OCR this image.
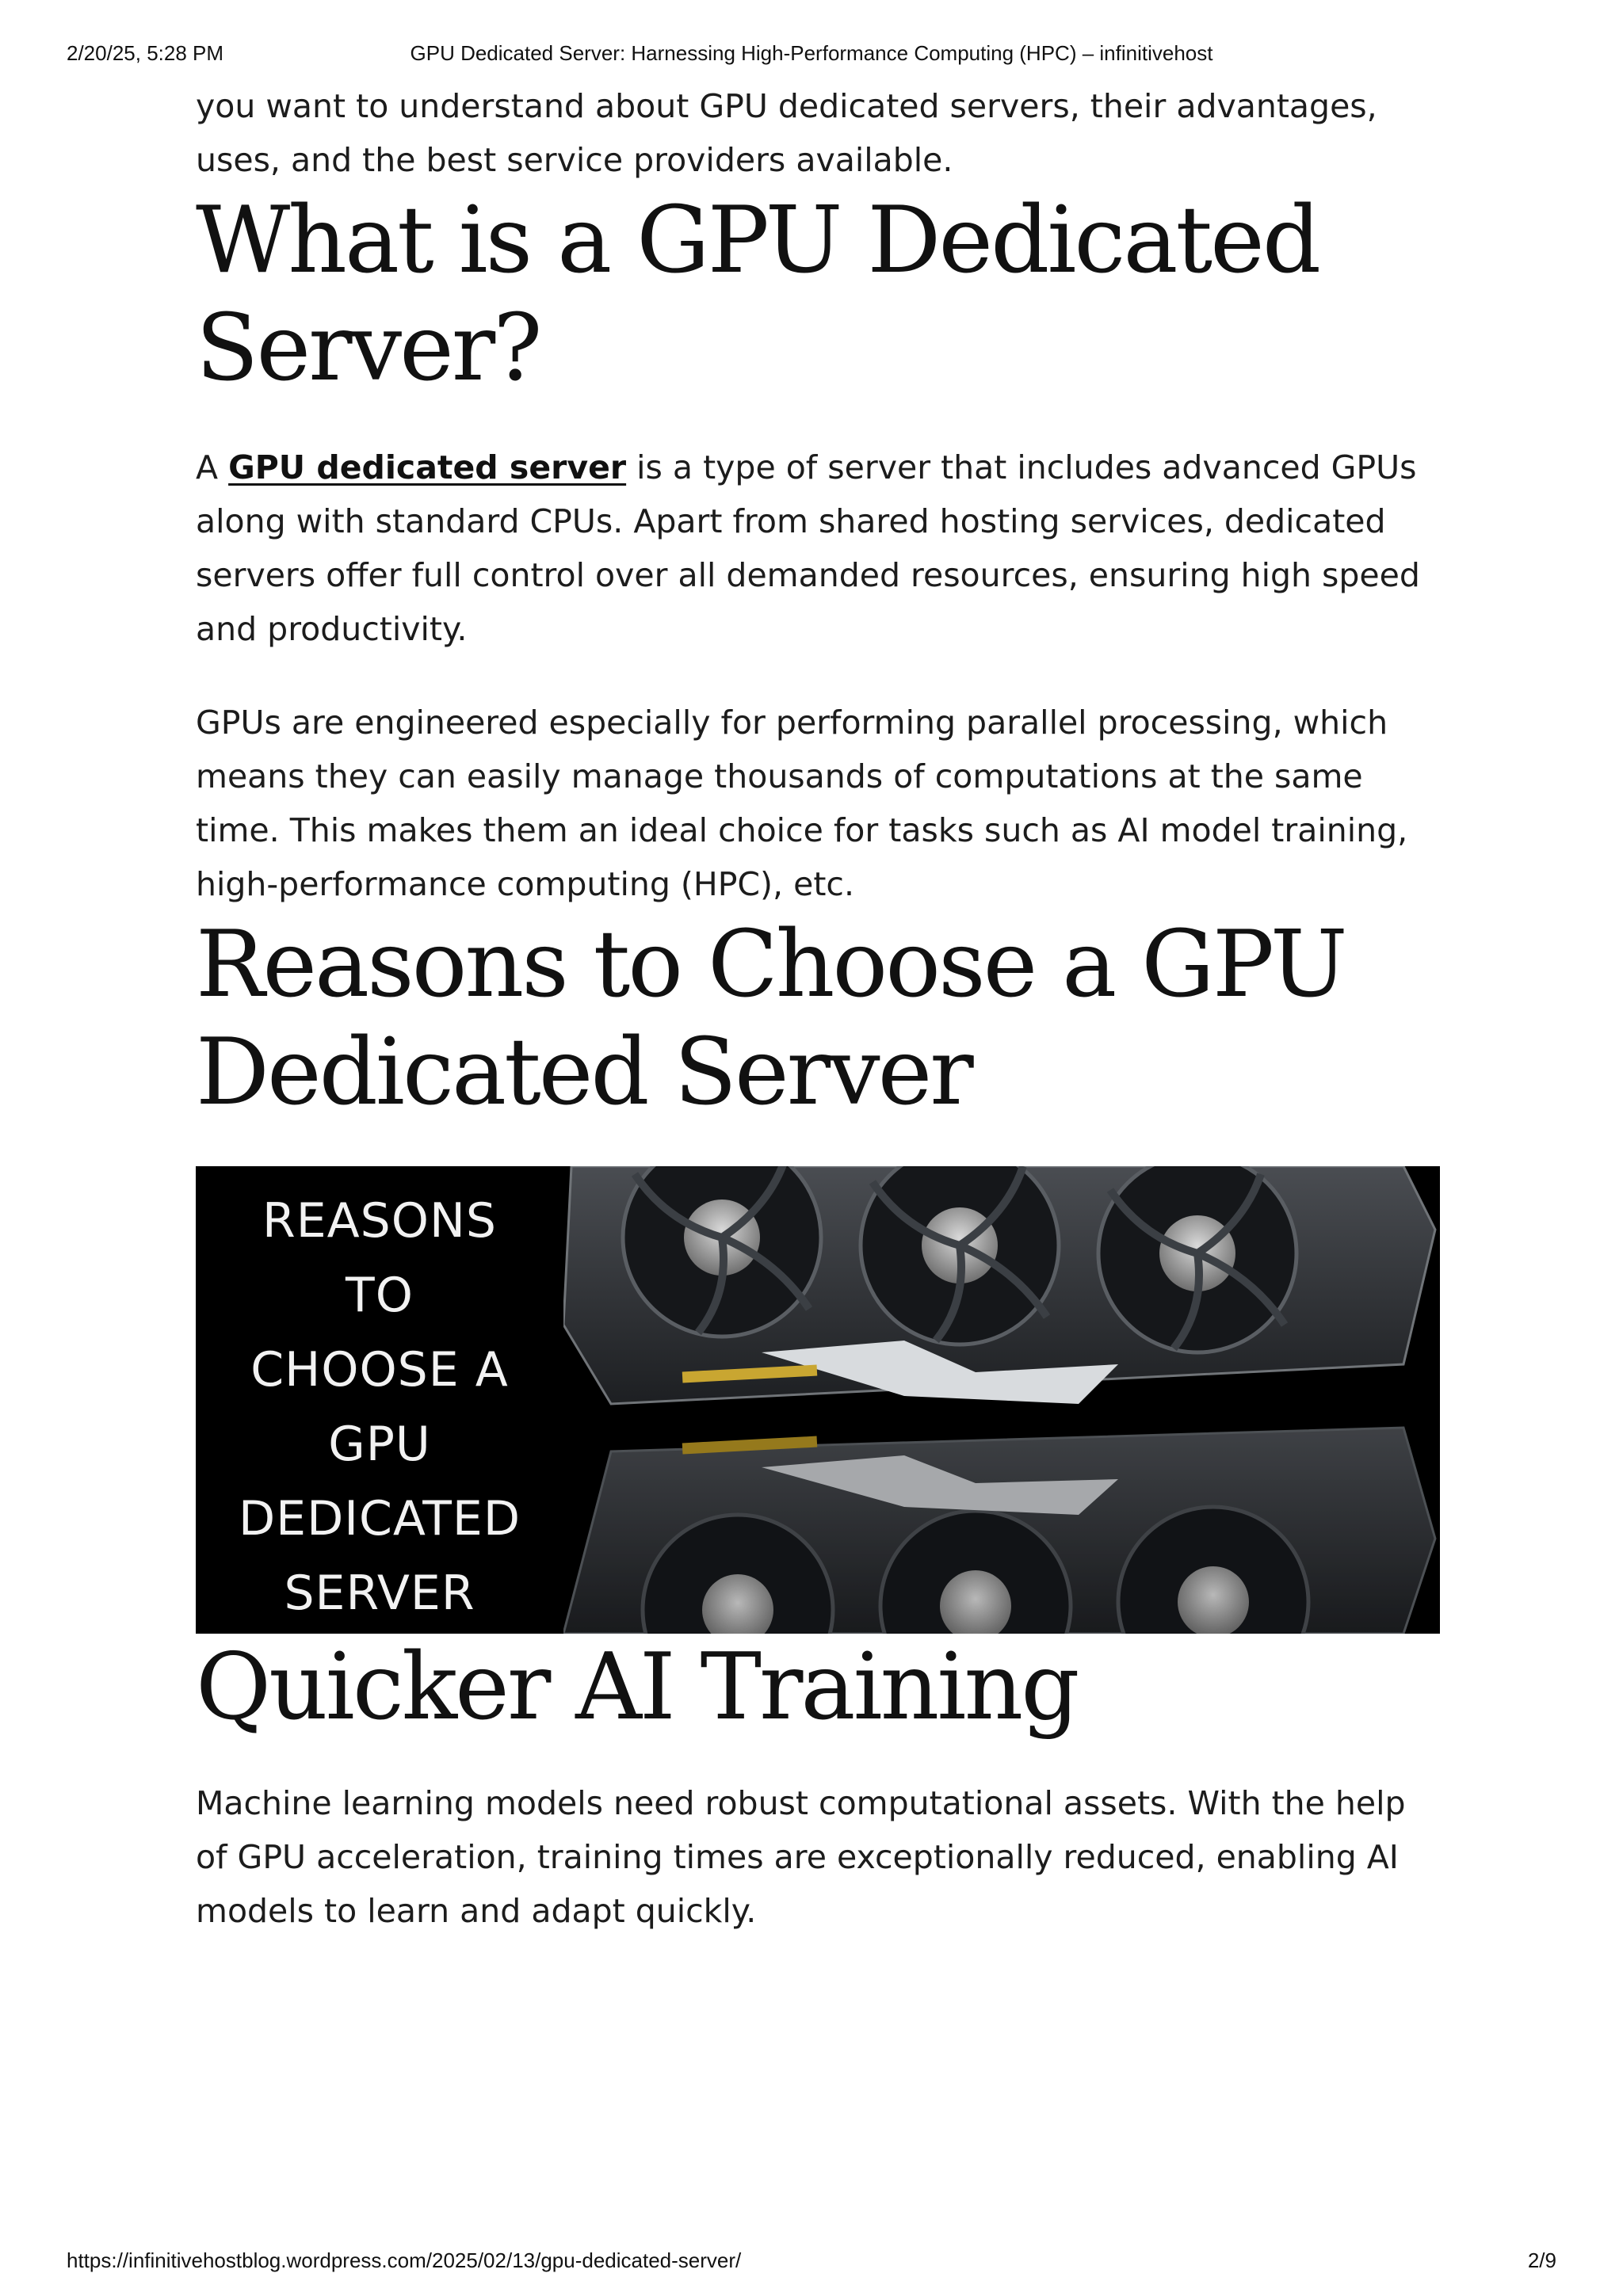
2/20/25, 5:28 PM	GPU Dedicated Server: Harnessing High-Performance Computing (HPC) – infinitivehost

you want to understand about GPU dedicated servers, their advantages, uses, and the best service providers available.

What is a GPU Dedicated Server?

A GPU dedicated server is a type of server that includes advanced GPUs along with standard CPUs. Apart from shared hosting services, dedicated servers offer full control over all demanded resources, ensuring high speed and productivity.

GPUs are engineered especially for performing parallel processing, which means they can easily manage thousands of computations at the same time. This makes them an ideal choice for tasks such as AI model training, high-performance computing (HPC), etc.

Reasons to Choose a GPU Dedicated Server
REASONS
TO
CHOOSE A
GPU
DEDICATED
SERVER
Quicker AI Training

Machine learning models need robust computational assets. With the help of GPU acceleration, training times are exceptionally reduced, enabling AI models to learn and adapt quickly.

https://infinitivehostblog.wordpress.com/2025/02/13/gpu-dedicated-server/	2/9
